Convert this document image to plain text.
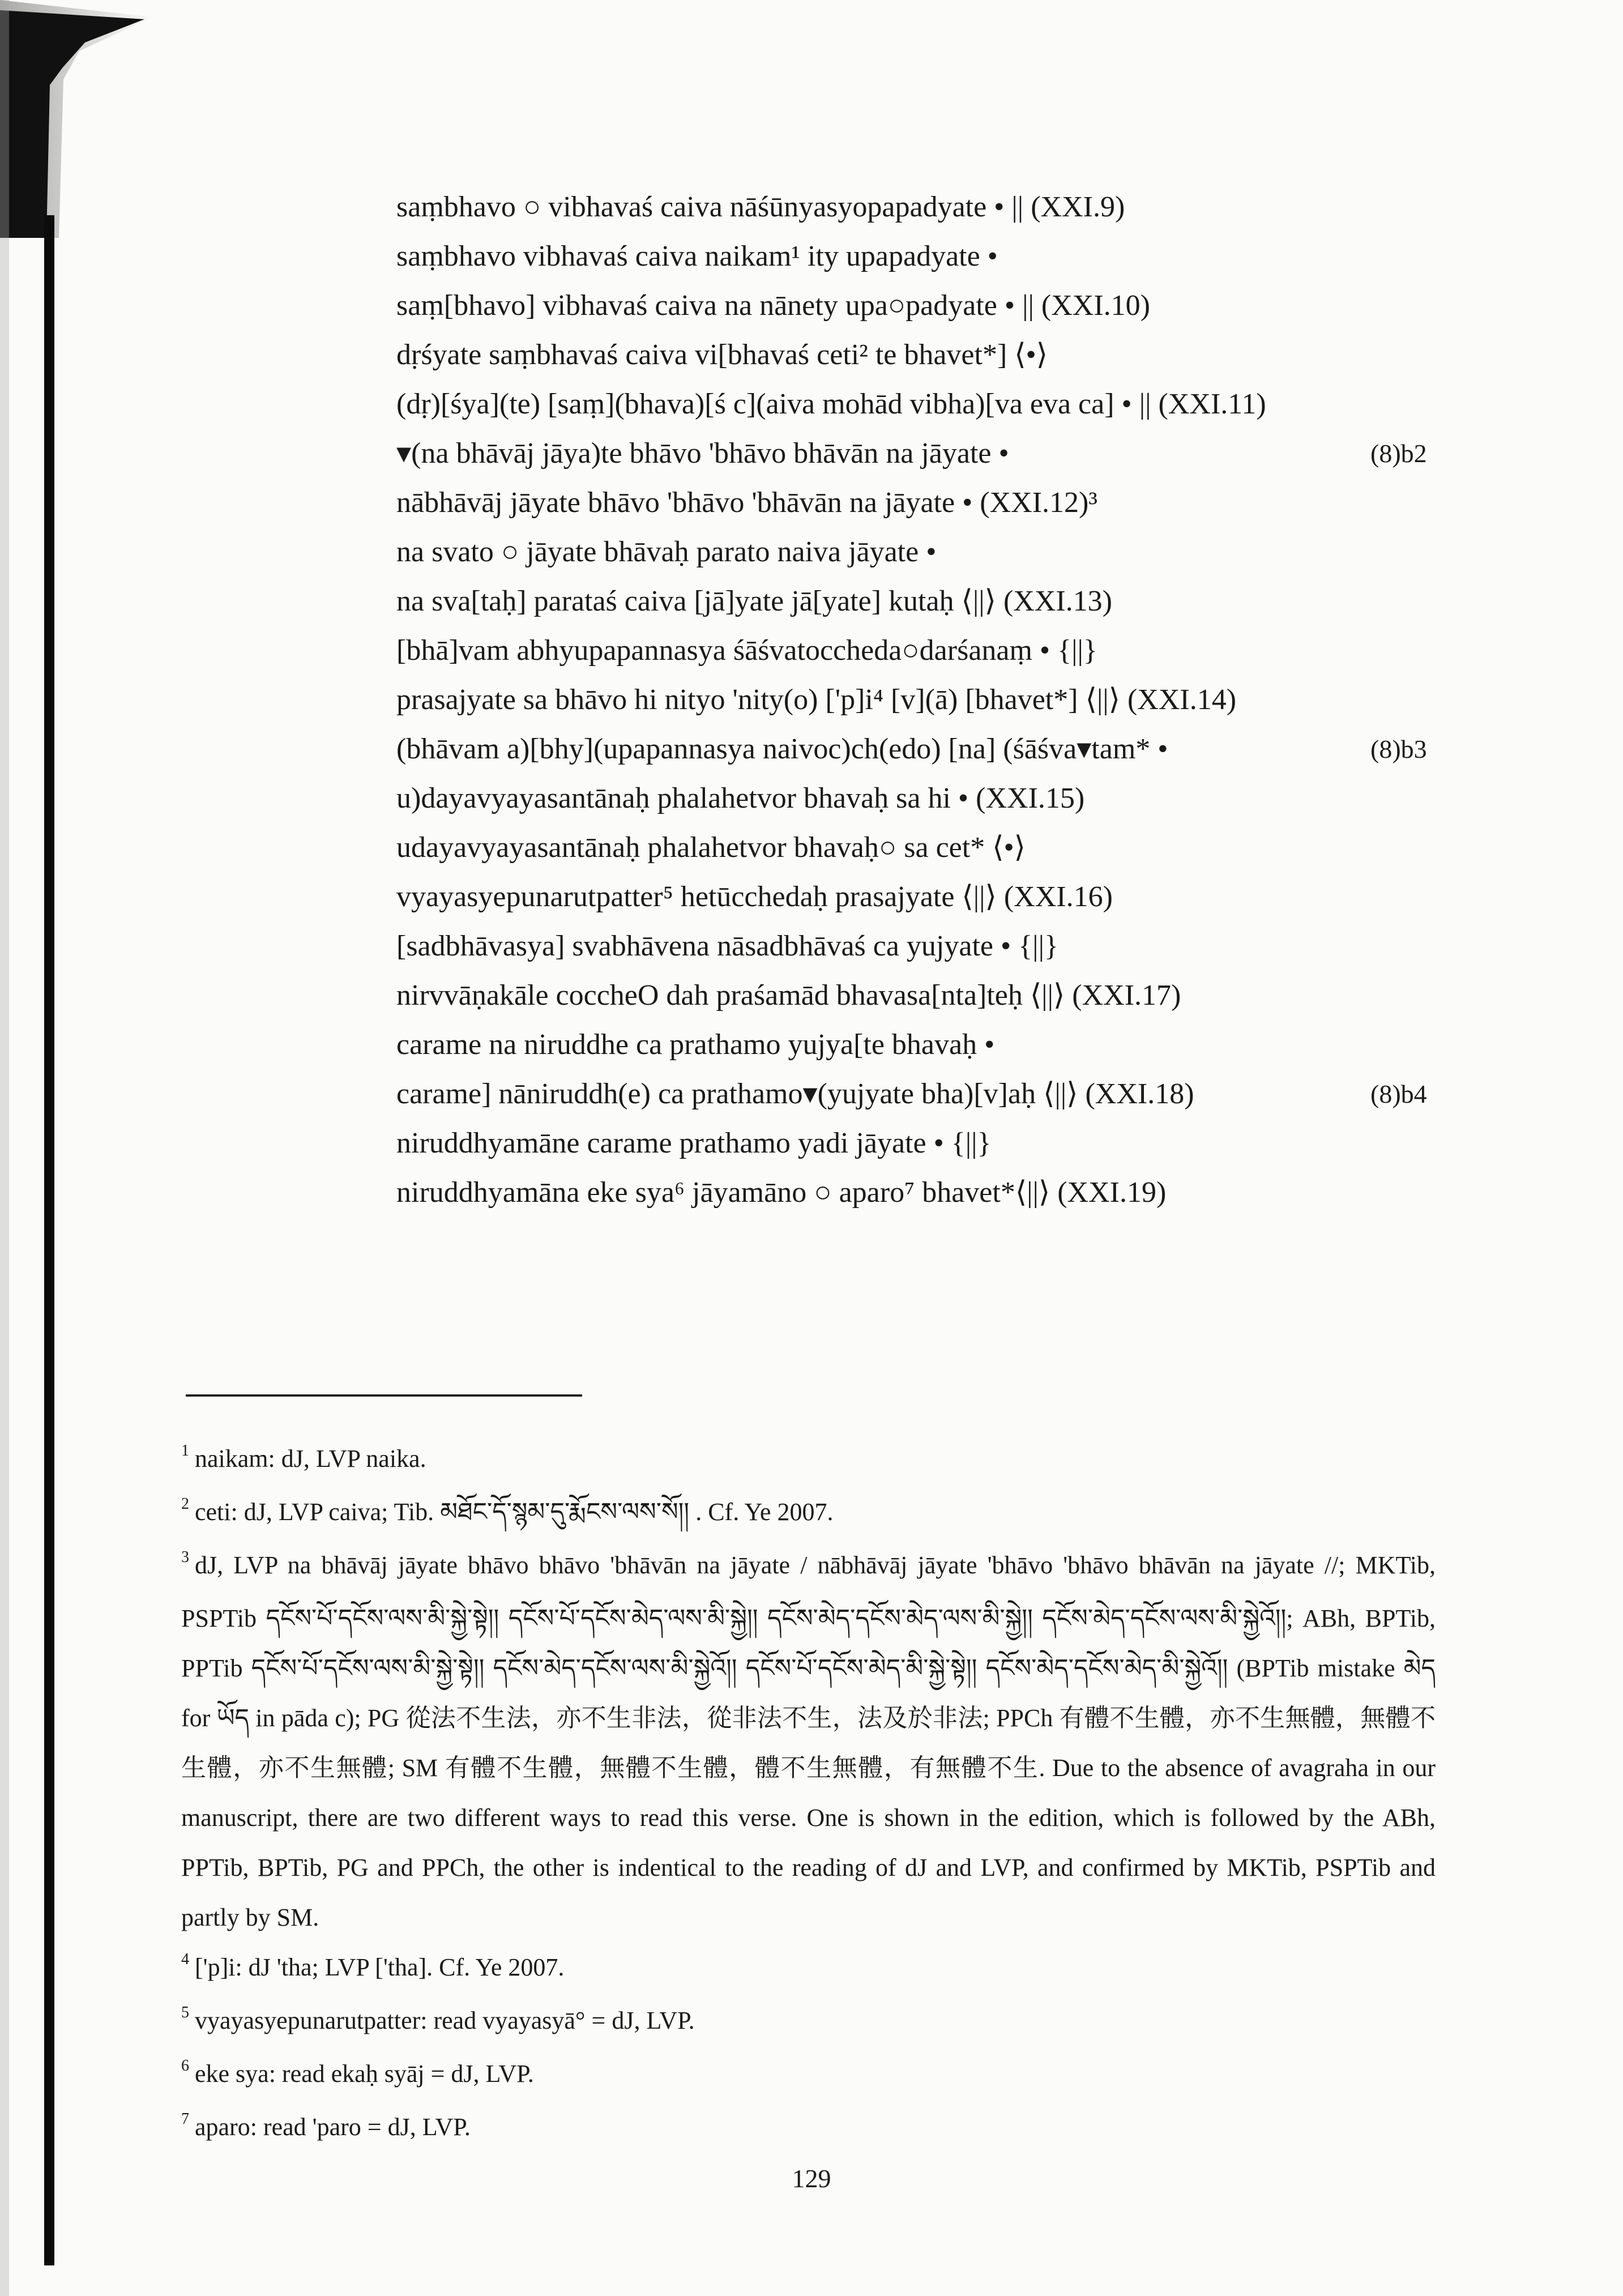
saṃbhavo ○ vibhavaś caiva nāśūnyasyopapadyate • || (XXI.9)
saṃbhavo vibhavaś caiva naikam¹ ity upapadyate •
saṃ[bhavo] vibhavaś caiva na nānety upa○padyate • || (XXI.10)
dṛśyate saṃbhavaś caiva vi[bhavaś ceti² te bhavet*] ⟨•⟩
(dṛ)[śya](te) [saṃ](bhava)[ś c](aiva mohād vibha)[va eva ca] • || (XXI.11)
▾(na bhāvāj jāya)te bhāvo 'bhāvo bhāvān na jāyate •	(8)b2
nābhāvāj jāyate bhāvo 'bhāvo 'bhāvān na jāyate • (XXI.12)³
na svato ○ jāyate bhāvaḥ parato naiva jāyate •
na sva[taḥ] parataś caiva [jā]yate jā[yate] kutaḥ ⟨||⟩ (XXI.13)
[bhā]vam abhyupapannasya śāśvatoccheda○darśanaṃ • {||}
prasajyate sa bhāvo hi nityo 'nity(o) ['p]i⁴ [v](ā) [bhavet*] ⟨||⟩ (XXI.14)
(bhāvam a)[bhy](upapannasya naivoc)ch(edo) [na] (śāśva▾tam* •	(8)b3
u)dayavyayasantānaḥ phalahetvor bhavaḥ sa hi • (XXI.15)
udayavyayasantānaḥ phalahetvor bhavaḥ○ sa cet* ⟨•⟩
vyayasyepunarutpatter⁵ hetūcchedaḥ prasajyate ⟨||⟩ (XXI.16)
[sadbhāvasya] svabhāvena nāsadbhāvaś ca yujyate • {||}
nirvvāṇakāle coccheO dah praśamād bhavasa[nta]teḥ ⟨||⟩ (XXI.17)
carame na niruddhe ca prathamo yujya[te bhavaḥ •
carame] nāniruddh(e) ca prathamo▾(yujyate bha)[v]aḥ ⟨||⟩ (XXI.18)	(8)b4
niruddhyamāne carame prathamo yadi jāyate • {||}
niruddhyamāna eke sya⁶ jāyamāno ○ aparo⁷ bhavet*⟨||⟩ (XXI.19)

$^1$ naikam: dJ, LVP naika.

$^2$ ceti: dJ, LVP caiva; Tib. མཐོང་དོ་སྙམ་དུ་རྨོངས་ལས་སོ།། . Cf. Ye 2007.

$^3$ dJ, LVP na bhāvāj jāyate bhāvo bhāvo 'bhāvān na jāyate / nābhāvāj jāyate 'bhāvo 'bhāvo bhāvān na jāyate //; MKTib, PSPTib དངོས་པོ་དངོས་ལས་མི་སྐྱེ་སྟེ།། དངོས་པོ་དངོས་མེད་ལས་མི་སྐྱེ།། དངོས་མེད་དངོས་མེད་ལས་མི་སྐྱེ།། དངོས་མེད་དངོས་ལས་མི་སྐྱེའོ།།; ABh, BPTib, PPTib དངོས་པོ་དངོས་ལས་མི་སྐྱེ་སྟེ།། དངོས་མེད་དངོས་ལས་མི་སྐྱེའོ།། དངོས་པོ་དངོས་མེད་མི་སྐྱེ་སྟེ།། དངོས་མེད་དངོས་མེད་མི་སྐྱེའོ།། (BPTib mistake མེད for ཡོད in pāda c); PG 從法不生法，亦不生非法，從非法不生，法及於非法; PPCh 有體不生體，亦不生無體，無體不生體，亦不生無體; SM 有體不生體，無體不生體，體不生無體，有無體不生. Due to the absence of avagraha in our manuscript, there are two different ways to read this verse. One is shown in the edition, which is followed by the ABh, PPTib, BPTib, PG and PPCh, the other is indentical to the reading of dJ and LVP, and confirmed by MKTib, PSPTib and partly by SM.

$^4$ ['p]i: dJ 'tha; LVP ['tha]. Cf. Ye 2007.

$^5$ vyayasyepunarutpatter: read vyayasyā° = dJ, LVP.

$^6$ eke sya: read ekaḥ syāj = dJ, LVP.

$^7$ aparo: read 'paro = dJ, LVP.

129
